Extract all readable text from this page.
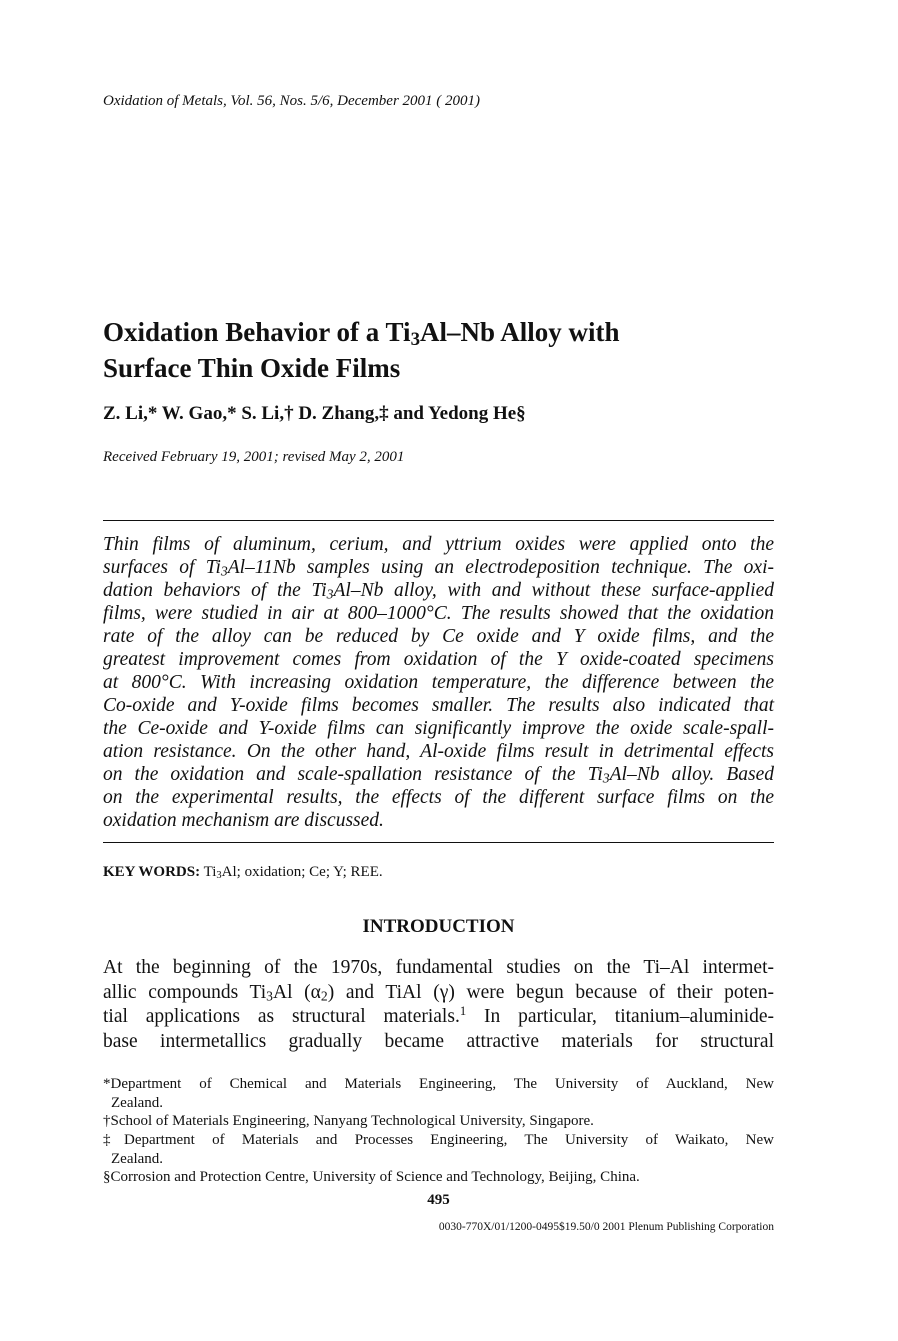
Oxidation of Metals, Vol. 56, Nos. 5/6, December 2001 ( 2001)
Oxidation Behavior of a $Ti_3Al-Nb$ Alloy with
Surface Thin Oxide Films
Z. Li,* W. Gao,* S. Li,† D. Zhang,‡ and Yedong He§
Received February 19, 2001; revised May 2, 2001
Thin films of aluminum, cerium, and yttrium oxides were applied onto the
surfaces of $Ti_3Al-11Nb$ samples using an electrodeposition technique. The oxi-
dation behaviors of the $Ti_3Al-Nb$ alloy, with and without these surface-applied
films, were studied in air at 800–1000°C. The results showed that the oxidation
rate of the alloy can be reduced by Ce oxide and Y oxide films, and the
greatest improvement comes from oxidation of the Y oxide-coated specimens
at 800°C. With increasing oxidation temperature, the difference between the
Co-oxide and Y-oxide films becomes smaller. The results also indicated that
the Ce-oxide and Y-oxide films can significantly improve the oxide scale-spall-
ation resistance. On the other hand, Al-oxide films result in detrimental effects
on the oxidation and scale-spallation resistance of the $Ti_3Al-Nb$ alloy. Based
on the experimental results, the effects of the different surface films on the
oxidation mechanism are discussed.
KEY WORDS: $Ti_3Al$; oxidation; Ce; Y; REE.
INTRODUCTION
At the beginning of the 1970s, fundamental studies on the Ti–Al intermet-
allic compounds $Ti_3Al$ $(\alpha_2)$ and TiAl (γ) were begun because of their poten-
tial applications as structural materials.$^1$ In particular, titanium–aluminide-
base intermetallics gradually became attractive materials for structural
*Department of Chemical and Materials Engineering, The University of Auckland, New
Zealand.
†School of Materials Engineering, Nanyang Technological University, Singapore.
‡Department of Materials and Processes Engineering, The University of Waikato, New
Zealand.
§Corrosion and Protection Centre, University of Science and Technology, Beijing, China.
495
0030-770X/01/1200-0495$19.50/0 2001 Plenum Publishing Corporation
